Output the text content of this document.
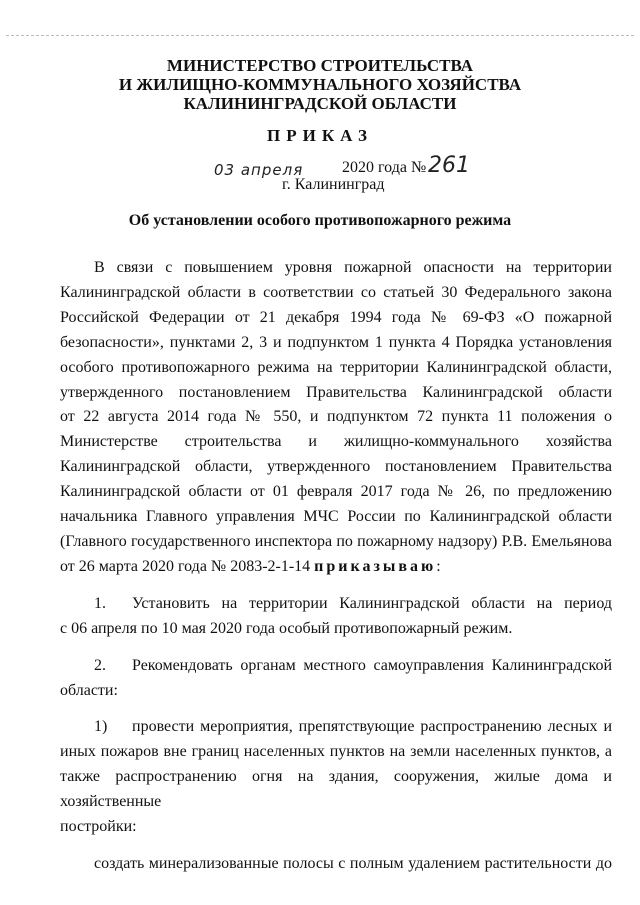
МИНИСТЕРСТВО СТРОИТЕЛЬСТВА
И ЖИЛИЩНО-КОММУНАЛЬНОГО ХОЗЯЙСТВА
КАЛИНИНГРАДСКОЙ ОБЛАСТИ
ПРИКАЗ
03 апреля 2020 года № 261
г. Калининград
Об установлении особого противопожарного режима
В связи с повышением уровня пожарной опасности на территории
Калининградской области в соответствии со статьей 30 Федерального закона
Российской Федерации от 21 декабря 1994 года № 69-ФЗ «О пожарной
безопасности», пунктами 2, 3 и подпунктом 1 пункта 4 Порядка установления
особого противопожарного режима на территории Калининградской области,
утвержденного постановлением Правительства Калининградской области
от 22 августа 2014 года № 550, и подпунктом 72 пункта 11 положения о
Министерстве строительства и жилищно-коммунального хозяйства
Калининградской области, утвержденного постановлением Правительства
Калининградской области от 01 февраля 2017 года № 26, по предложению
начальника Главного управления МЧС России по Калининградской области
(Главного государственного инспектора по пожарному надзору) Р.В. Емельянова
от 26 марта 2020 года № 2083-2-1-14 приказываю:
1.	Установить на территории Калининградской области на период
с 06 апреля по 10 мая 2020 года особый противопожарный режим.
2.	Рекомендовать органам местного самоуправления Калининградской
области:
1)	провести мероприятия, препятствующие распространению лесных и
иных пожаров вне границ населенных пунктов на земли населенных пунктов, а
также распространению огня на здания, сооружения, жилые дома и хозяйственные
постройки:
создать минерализованные полосы с полным удалением растительности до
